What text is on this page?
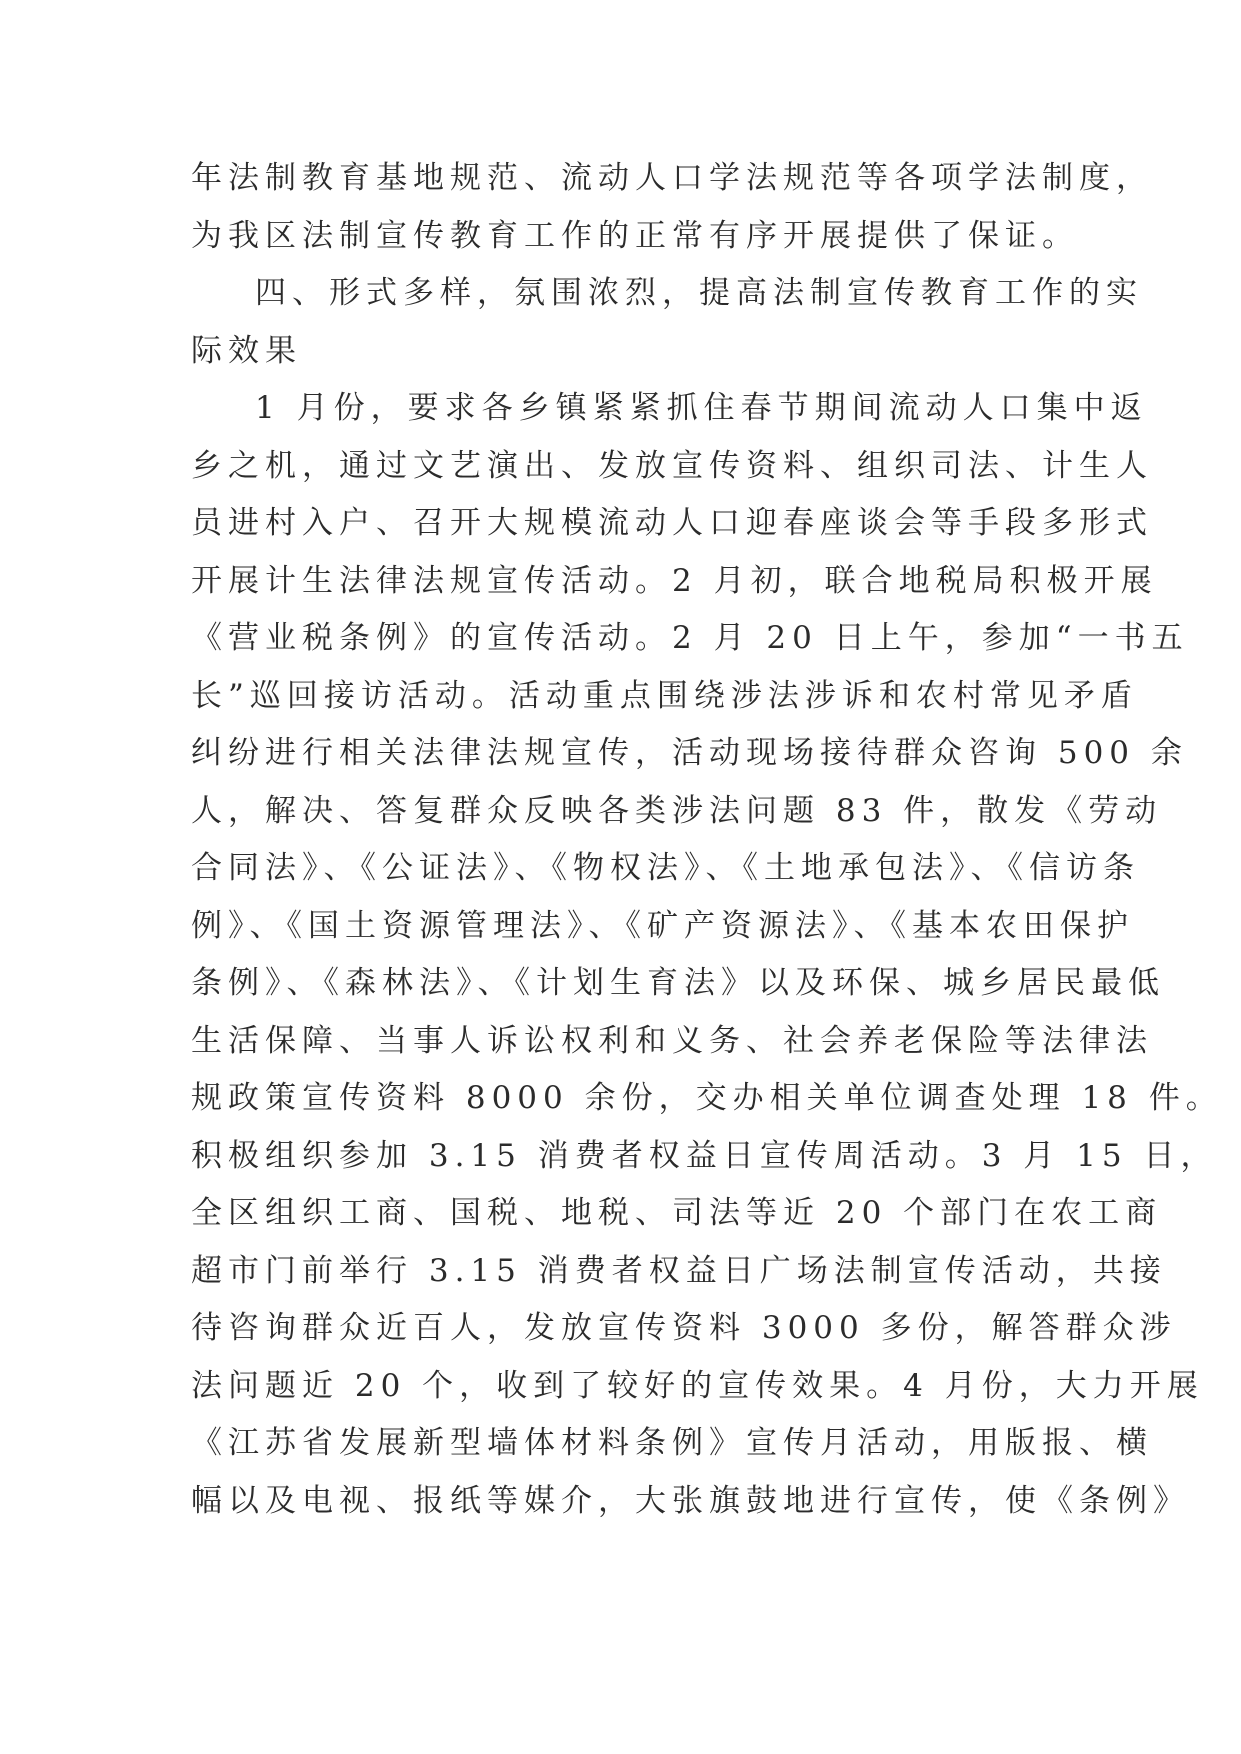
年法制教育基地规范、流动人口学法规范等各项学法制度，
为我区法制宣传教育工作的正常有序开展提供了保证。
四、形式多样，氛围浓烈，提高法制宣传教育工作的实
际效果
1 月份，要求各乡镇紧紧抓住春节期间流动人口集中返
乡之机，通过文艺演出、发放宣传资料、组织司法、计生人
员进村入户、召开大规模流动人口迎春座谈会等手段多形式
开展计生法律法规宣传活动。2 月初，联合地税局积极开展
《营业税条例》的宣传活动。2 月 20 日上午，参加“一书五
长”巡回接访活动。活动重点围绕涉法涉诉和农村常见矛盾
纠纷进行相关法律法规宣传，活动现场接待群众咨询 500 余
人，解决、答复群众反映各类涉法问题 83 件，散发《劳动
合同法》、《公证法》、《物权法》、《土地承包法》、《信访条
例》、《国土资源管理法》、《矿产资源法》、《基本农田保护
条例》、《森林法》、《计划生育法》以及环保、城乡居民最低
生活保障、当事人诉讼权利和义务、社会养老保险等法律法
规政策宣传资料 8000 余份，交办相关单位调查处理 18 件。
积极组织参加 3.15 消费者权益日宣传周活动。3 月 15 日，
全区组织工商、国税、地税、司法等近 20 个部门在农工商
超市门前举行 3.15 消费者权益日广场法制宣传活动，共接
待咨询群众近百人，发放宣传资料 3000 多份，解答群众涉
法问题近 20 个，收到了较好的宣传效果。4 月份，大力开展
《江苏省发展新型墙体材料条例》宣传月活动，用版报、横
幅以及电视、报纸等媒介，大张旗鼓地进行宣传，使《条例》
